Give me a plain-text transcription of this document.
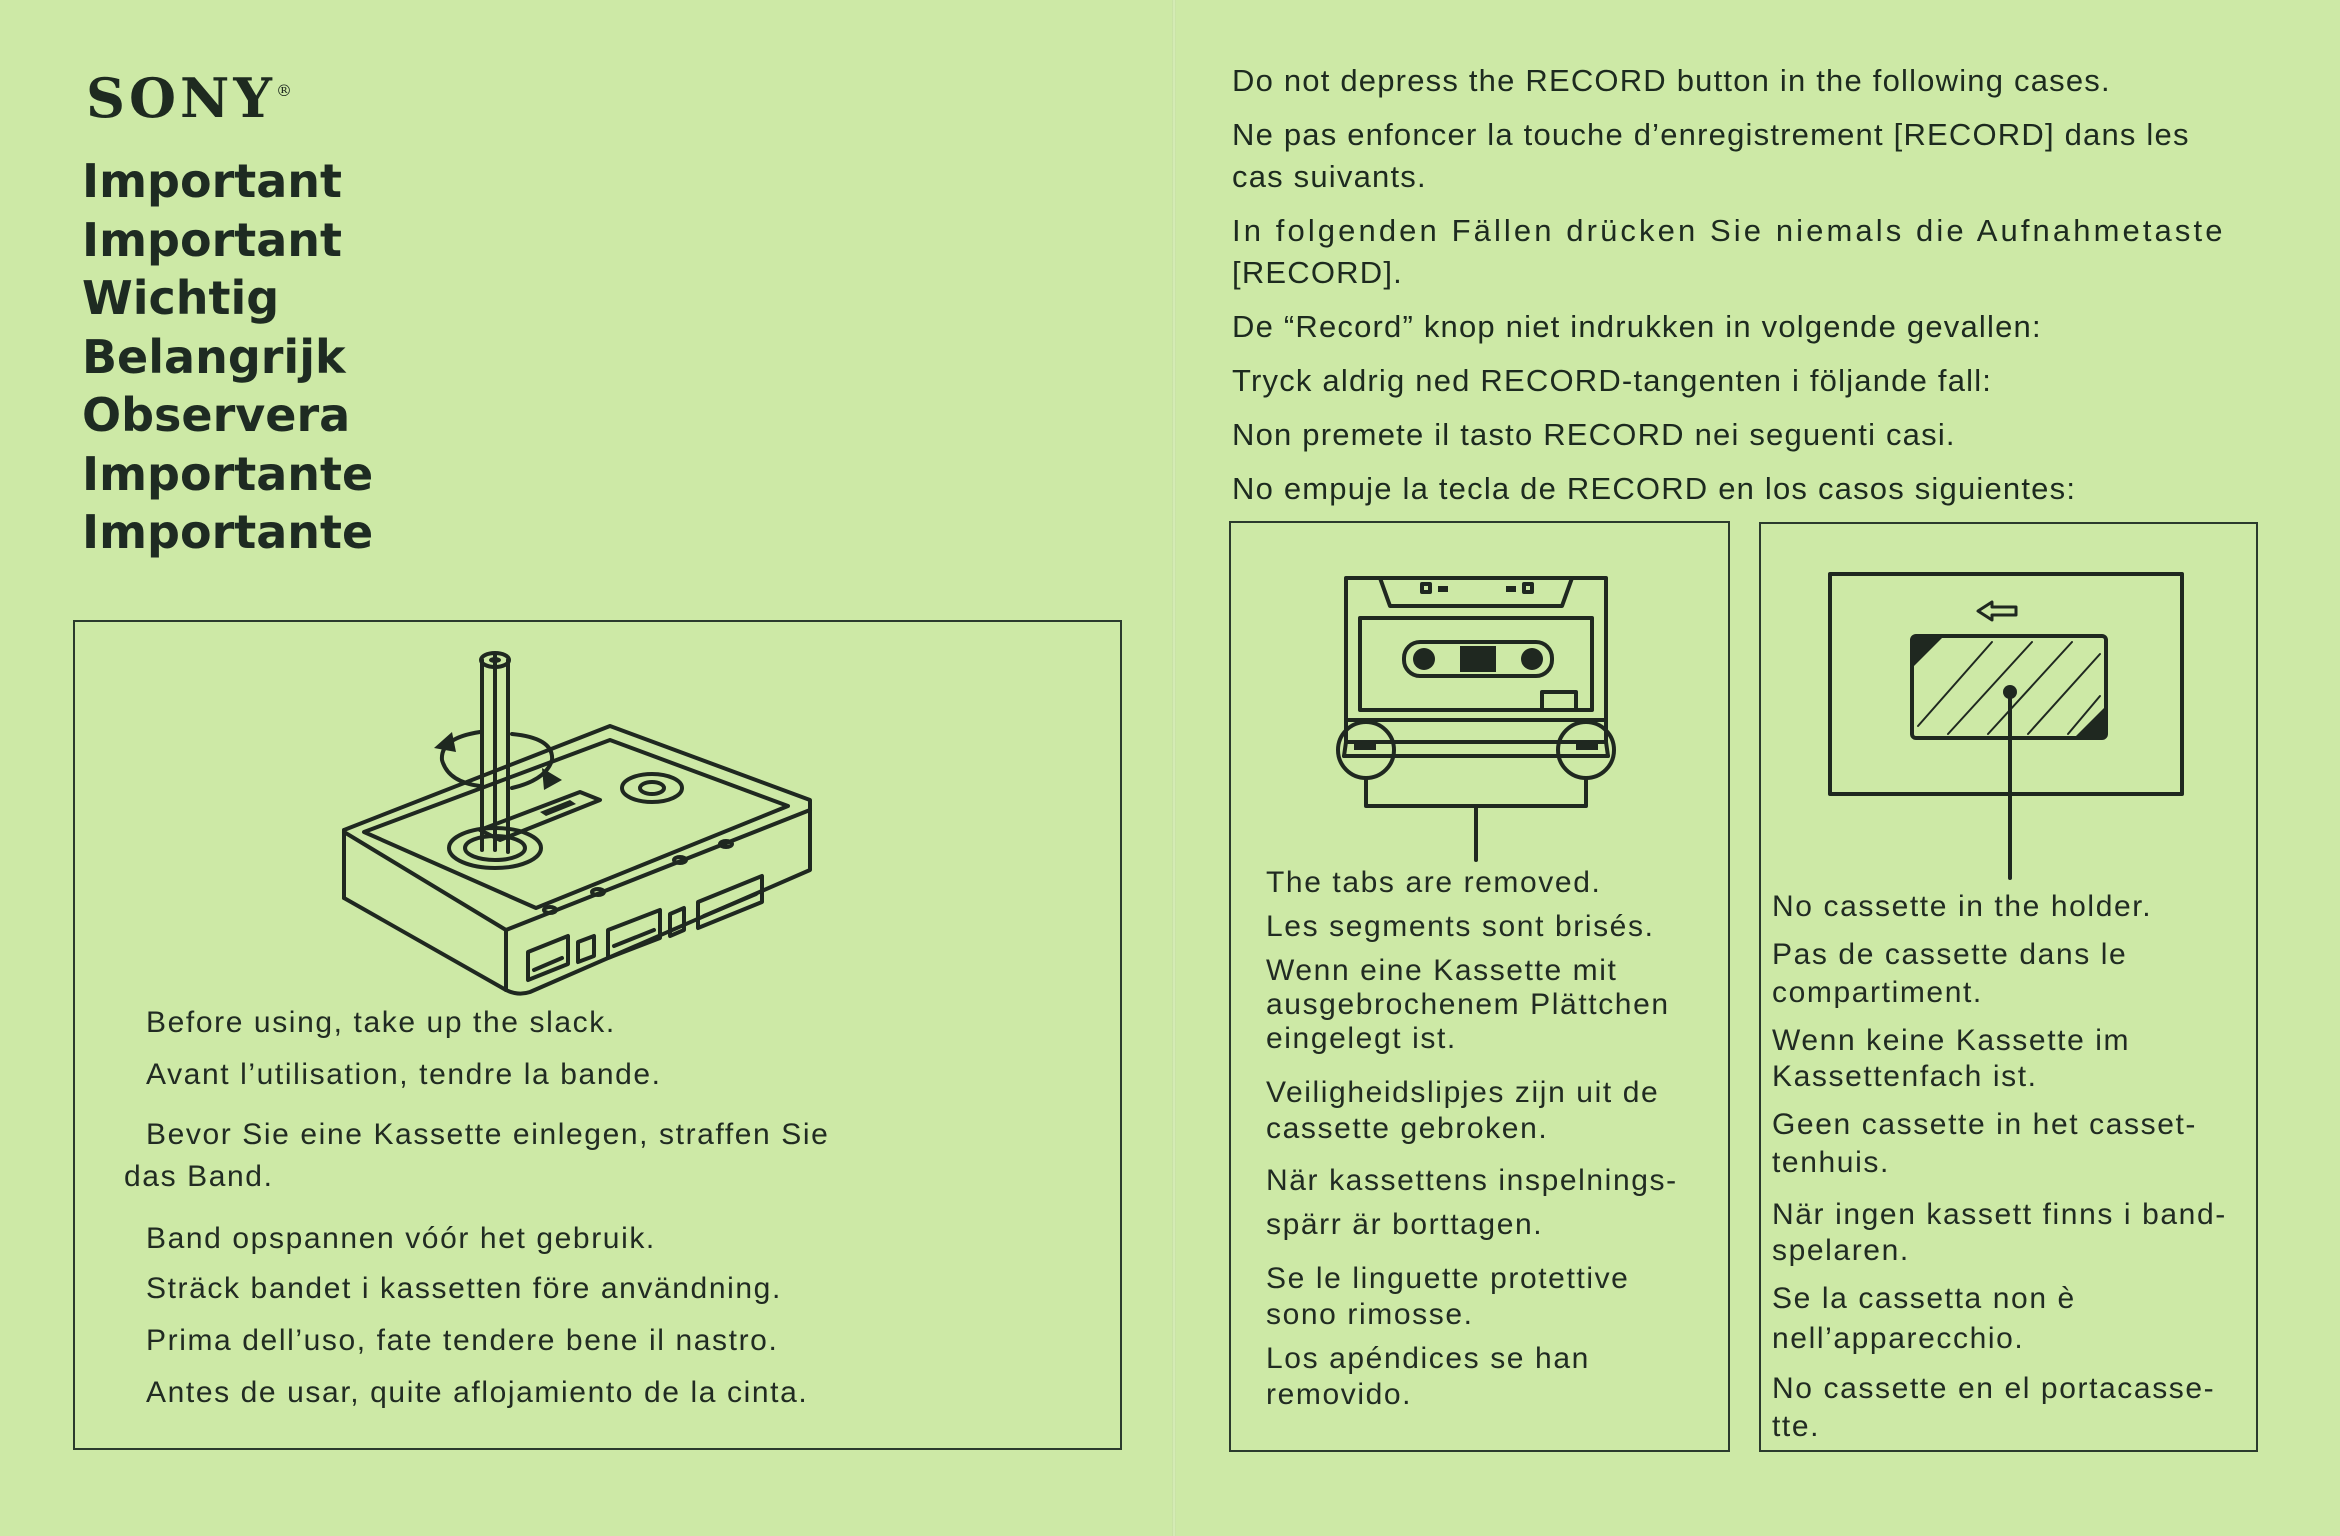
SONY®
Important
Important
Wichtig
Belangrijk
Observera
Importante
Importante
Before using, take up the slack.
Avant l’utilisation, tendre la bande.
Bevor Sie eine Kassette einlegen, straffen Sie
das Band.
Band opspannen vóór het gebruik.
Sträck bandet i kassetten före användning.
Prima dell’uso, fate tendere bene il nastro.
Antes de usar, quite aflojamiento de la cinta.
Do not depress the RECORD button in the following cases.
Ne pas enfoncer la touche d’enregistrement [RECORD] dans les
cas suivants.
In folgenden Fällen drücken Sie niemals die Aufnahmetaste
[RECORD].
De “Record” knop niet indrukken in volgende gevallen:
Tryck aldrig ned RECORD-tangenten i följande fall:
Non premete il tasto RECORD nei seguenti casi.
No empuje la tecla de RECORD en los casos siguientes:
The tabs are removed.
Les segments sont brisés.
Wenn eine Kassette mit
ausgebrochenem Plättchen
eingelegt ist.
Veiligheidslipjes zijn uit de
cassette gebroken.
När kassettens inspelnings-
spärr är borttagen.
Se le linguette protettive
sono rimosse.
Los apéndices se han
removido.
No cassette in the holder.
Pas de cassette dans le
compartiment.
Wenn keine Kassette im
Kassettenfach ist.
Geen cassette in het casset-
tenhuis.
När ingen kassett finns i band-
spelaren.
Se la cassetta non è
nell’apparecchio.
No cassette en el portacasse-
tte.
